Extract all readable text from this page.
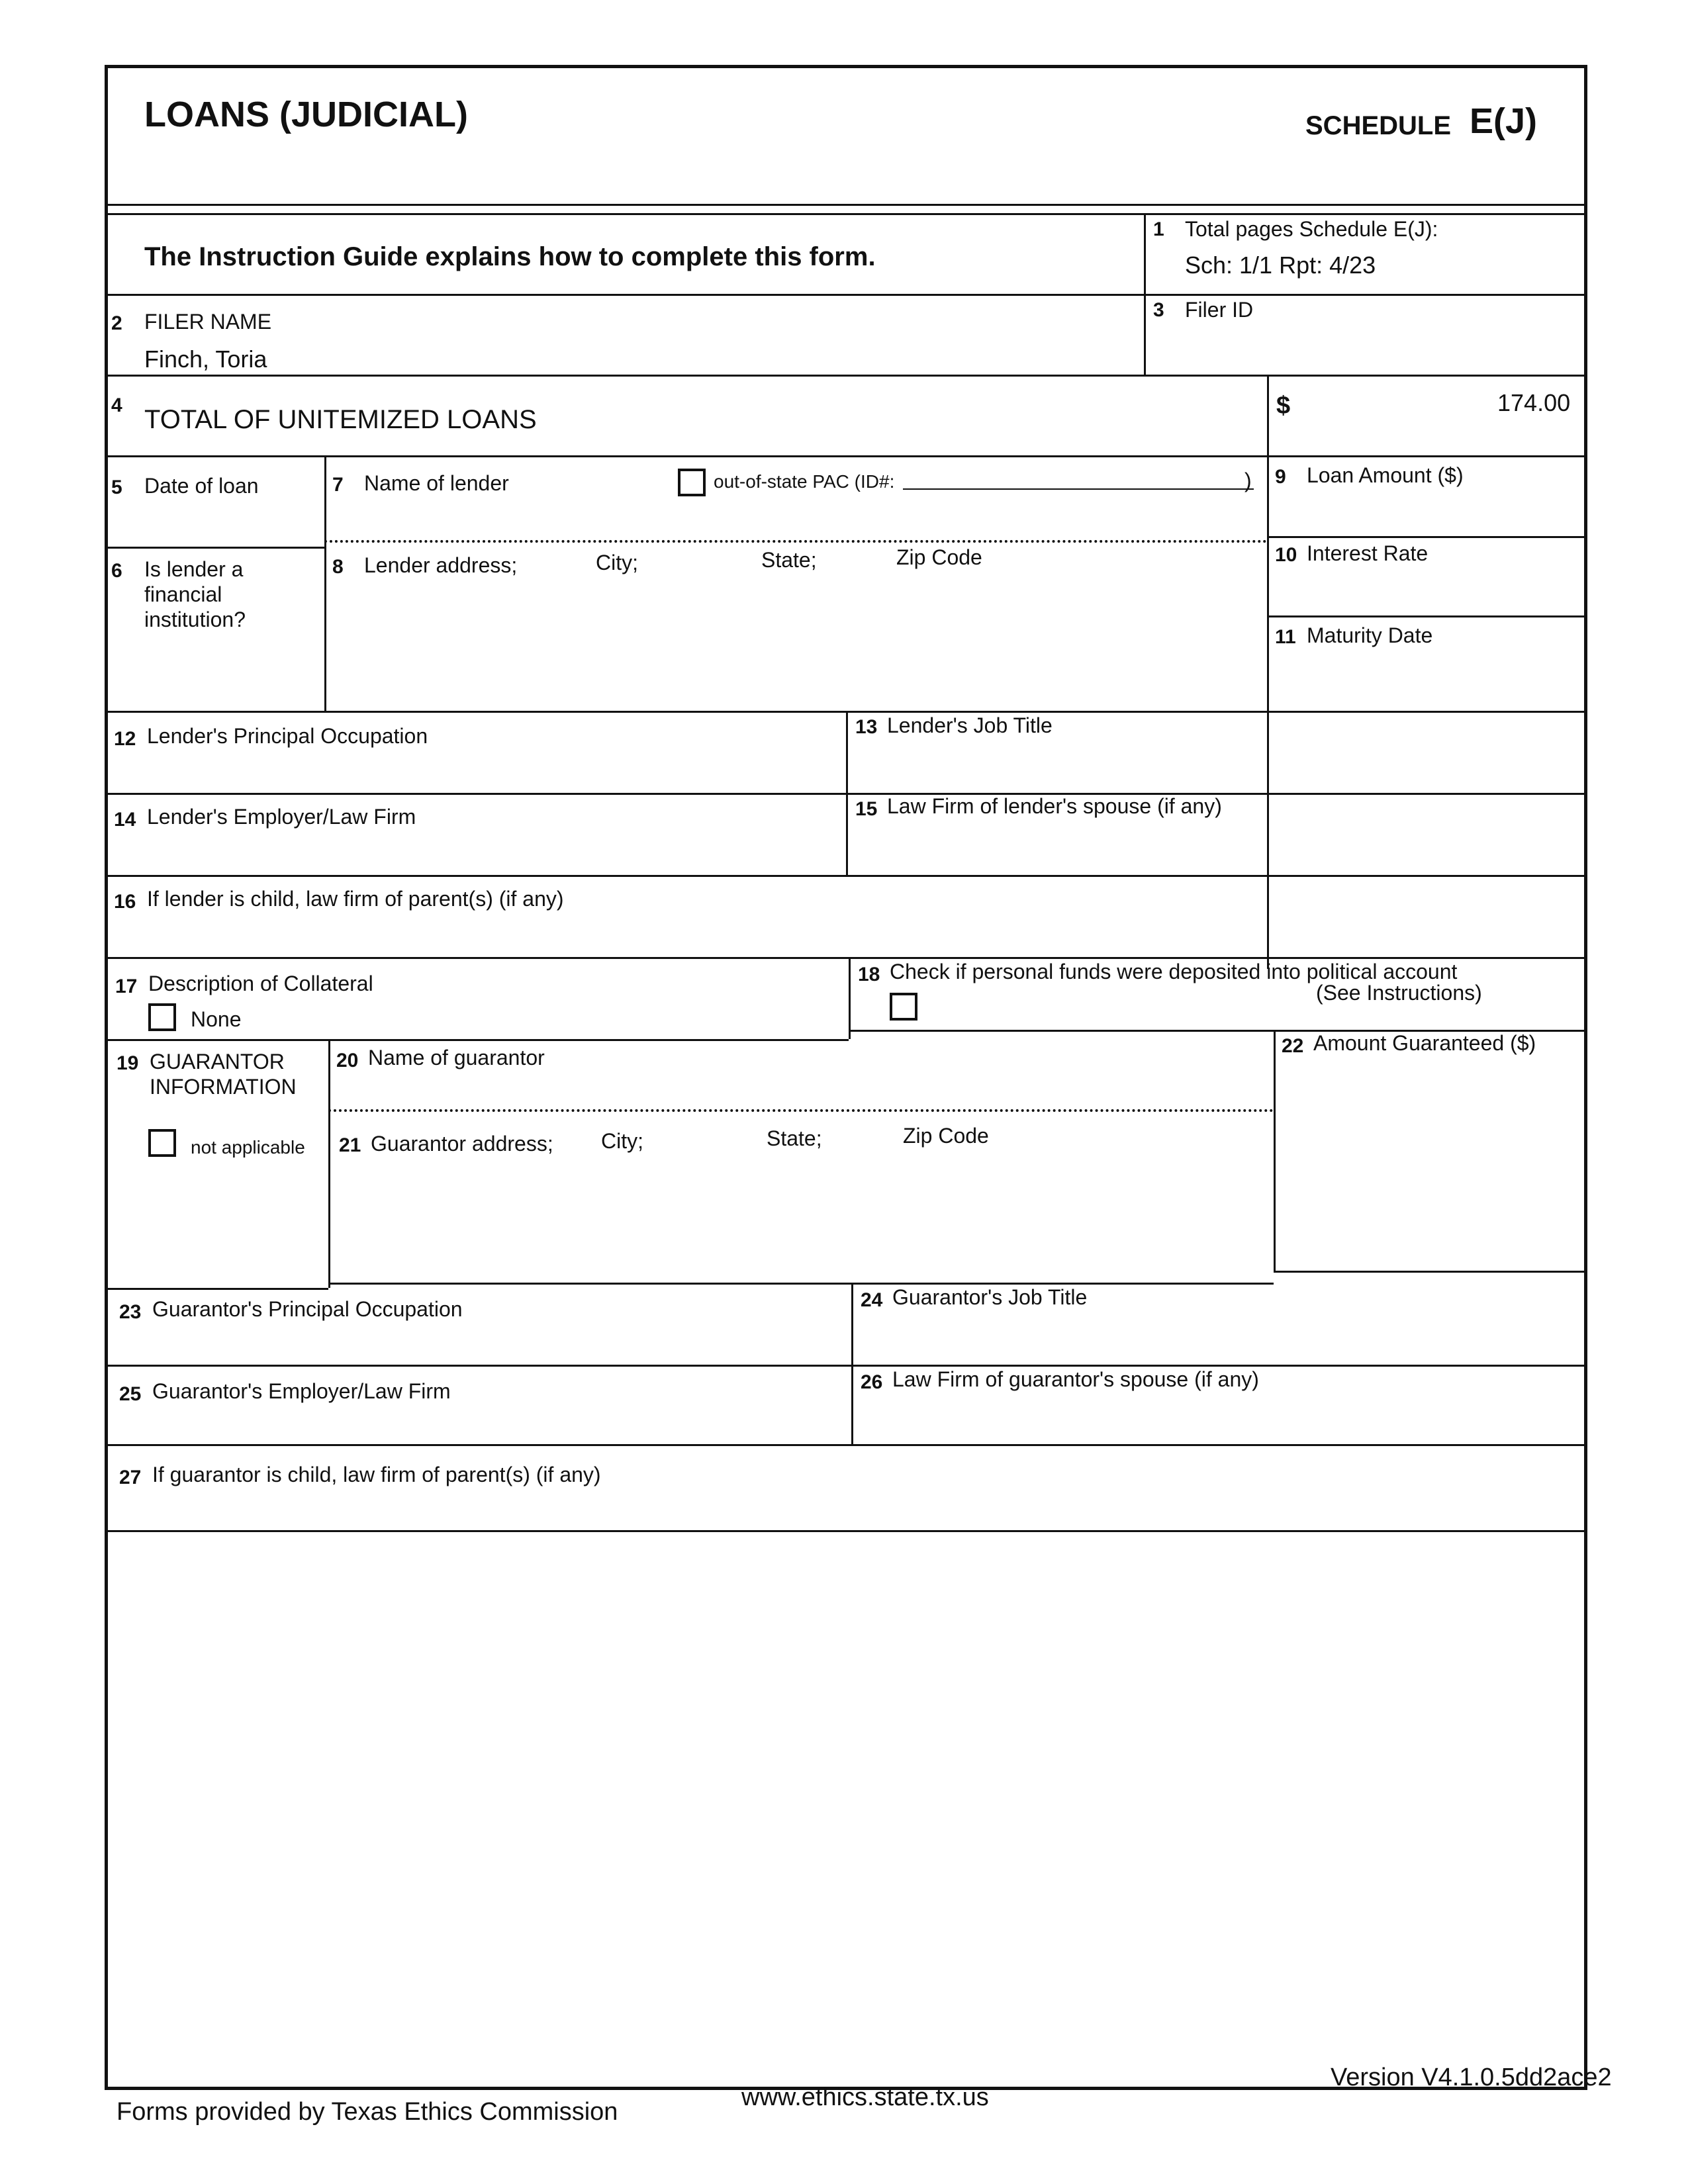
LOANS (JUDICIAL)	SCHEDULE E(J)
The Instruction Guide explains how to complete this form.
1 Total pages Schedule E(J):
Sch: 1/1 Rpt: 4/23
2 FILER NAME
Finch, Toria
3 Filer ID
4 TOTAL OF UNITEMIZED LOANS	$	174.00
5 Date of loan	7 Name of lender	out-of-state PAC (ID#:	) 9 Loan Amount ($)
6 Is lender a
financial
institution?
8 Lender address;	City;	State;	Zip Code	10 Interest Rate
11 Maturity Date
12 Lender's Principal Occupation	13 Lender's Job Title
14 Lender's Employer/Law Firm	15 Law Firm of lender's spouse (if any)
16 If lender is child, law firm of parent(s) (if any)
17 Description of Collateral
None
18 Check if personal funds were deposited into political account
(See Instructions)
19 GUARANTOR
INFORMATION
not applicable
20 Name of guarantor
21 Guarantor address; City;	State;	Zip Code
22 Amount Guaranteed ($)
23 Guarantor's Principal Occupation	24 Guarantor's Job Title
25 Guarantor's Employer/Law Firm	26 Law Firm of guarantor's spouse (if any)
27 If guarantor is child, law firm of parent(s) (if any)
Forms provided by Texas Ethics Commission
www.ethics.state.tx.us
Version V4.1.0.5dd2ace2
